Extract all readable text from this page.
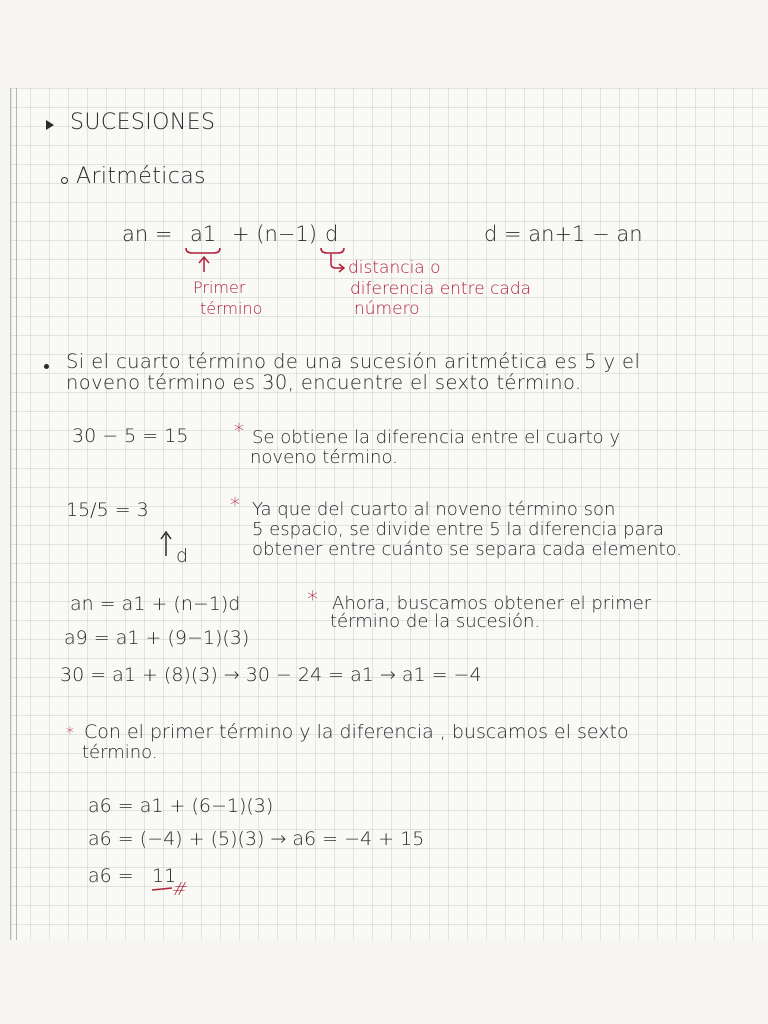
SUCESIONES

Aritméticas

an = a1 + (n−1) d	d = an+1 − an

Primer

término

distancia o

diferencia entre cada

número

Si el cuarto término de una sucesión aritmética es 5 y el

noveno término es 30, encuentre el sexto término.

30 − 5 = 15 * Se obtiene la diferencia entre el cuarto y

noveno término.

15/5 = 3

d

* Ya que del cuarto al noveno término son

5 espacio, se divide entre 5 la diferencia para

obtener entre cuánto se separa cada elemento.

an = a1 + (n−1)d

a9 = a1 + (9−1)(3)

30 = a1 + (8)(3) → 30 − 24 = a1 → a1 = −4

* Ahora, buscamos obtener el primer

término de la sucesión.

* Con el primer término y la diferencia , buscamos el sexto

término.

a6 = a1 + (6−1)(3)

a6 = (−4) + (5)(3) → a6 = −4 + 15

a6 = 11

#
